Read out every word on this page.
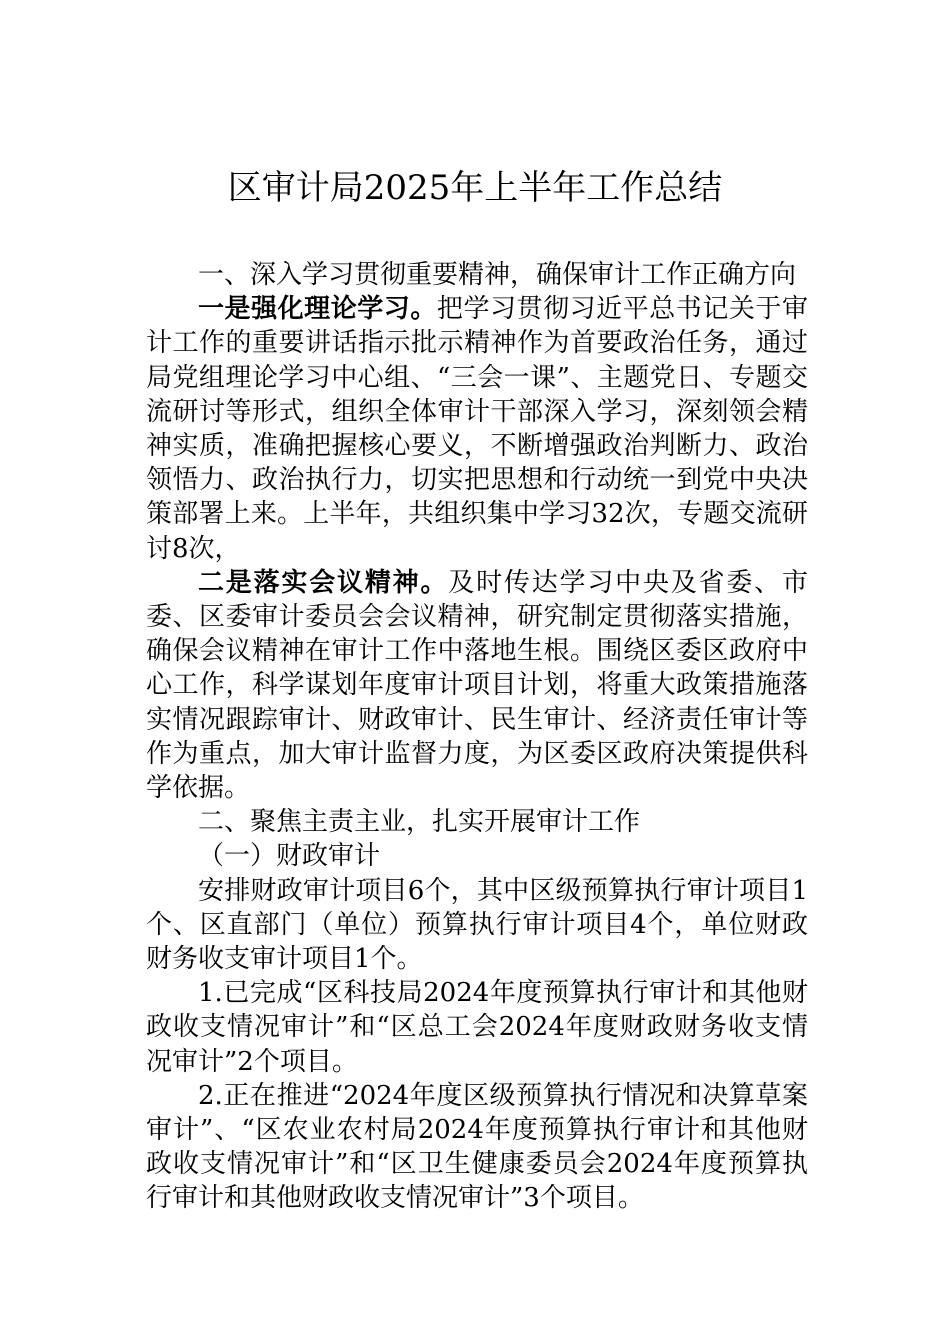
区审计局2025年上半年工作总结

一、深入学习贯彻重要精神，确保审计工作正确方向

一是强化理论学习。把学习贯彻习近平总书记关于审计工作的重要讲话指示批示精神作为首要政治任务，通过局党组理论学习中心组、“三会一课”、主题党日、专题交流研讨等形式，组织全体审计干部深入学习，深刻领会精神实质，准确把握核心要义，不断增强政治判断力、政治领悟力、政治执行力，切实把思想和行动统一到党中央决策部署上来。上半年，共组织集中学习32次，专题交流研讨8次，

二是落实会议精神。及时传达学习中央及省委、市委、区委审计委员会会议精神，研究制定贯彻落实措施，确保会议精神在审计工作中落地生根。围绕区委区政府中心工作，科学谋划年度审计项目计划，将重大政策措施落实情况跟踪审计、财政审计、民生审计、经济责任审计等作为重点，加大审计监督力度，为区委区政府决策提供科学依据。

二、聚焦主责主业，扎实开展审计工作

（一）财政审计

安排财政审计项目6个，其中区级预算执行审计项目1个、区直部门（单位）预算执行审计项目4个，单位财政财务收支审计项目1个。

1.已完成“区科技局2024年度预算执行审计和其他财政收支情况审计”和“区总工会2024年度财政财务收支情况审计”2个项目。

2.正在推进“2024年度区级预算执行情况和决算草案审计”、“区农业农村局2024年度预算执行审计和其他财政收支情况审计”和“区卫生健康委员会2024年度预算执行审计和其他财政收支情况审计”3个项目。
